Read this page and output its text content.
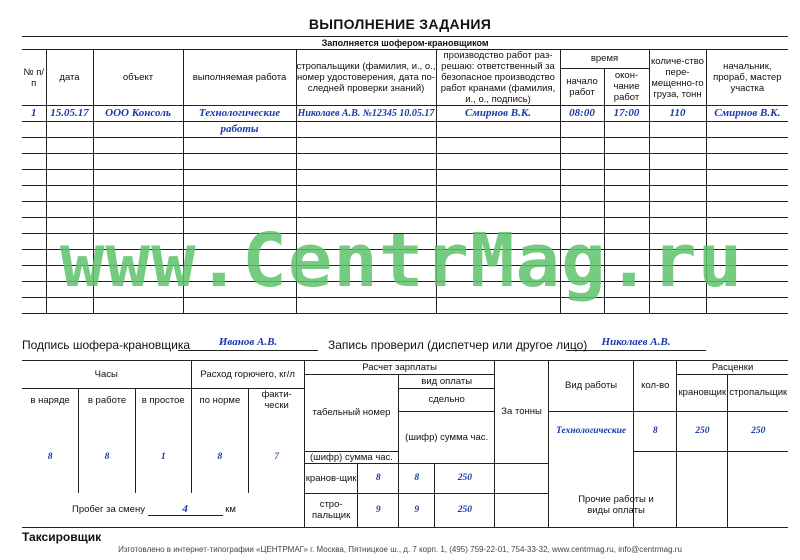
ВЫПОЛНЕНИЕ ЗАДАНИЯ
Заполняется шофером-крановщиком									
№ п/п	дата	объект	выполняемая работа	стропальщики (фамилия, и., о., номер удостоверения, дата по-следней проверки знаний)	производство работ раз-решаю: ответственный за безопасное производство работ кранами (фамилия, и., о., подпись)	время		количе-ство пере-мещенно-го груза, тонн	начальник, прораб, мастер участка
						начало работ	окон-чание работ		
1	15.05.17	ООО Консоль	Технологические	Николаев А.В. №12345 10.05.17	Смирнов В.К.	08:00	17:00	110	Смирнов В.К.
			работы						

www.CentrMag.ru
Подпись шофера-крановщика	Иванов А.В.	Запись проверил (диспетчер или другое лицо)	Николаев А.В.
Часы			Расход горючего, кг/л		Расчет зарплаты				За тонны	Вид работы	кол-во	Расценки	
					табельный номер		вид оплаты					крановщик	стропальщик
в наряде	в работе	в простое	по норме	факти-чески			сдельно						
							(шифр) сумма час.			Технологические	8	250	250
8	8	1	8	7	(шифр) сумма час.								
					кранов-щик	8	8	250					
Пробег за смену 4 км					стро-пальщик	9	9	250					
Прочие работы и виды оплаты
Таксировщик
Изготовлено в интернет-типографии «ЦЕНТРМАГ» г. Москва, Пятницкое ш., д. 7 корп. 1, (495) 759-22-01, 754-33-32, www.centrmag.ru, info@centrmag.ru
